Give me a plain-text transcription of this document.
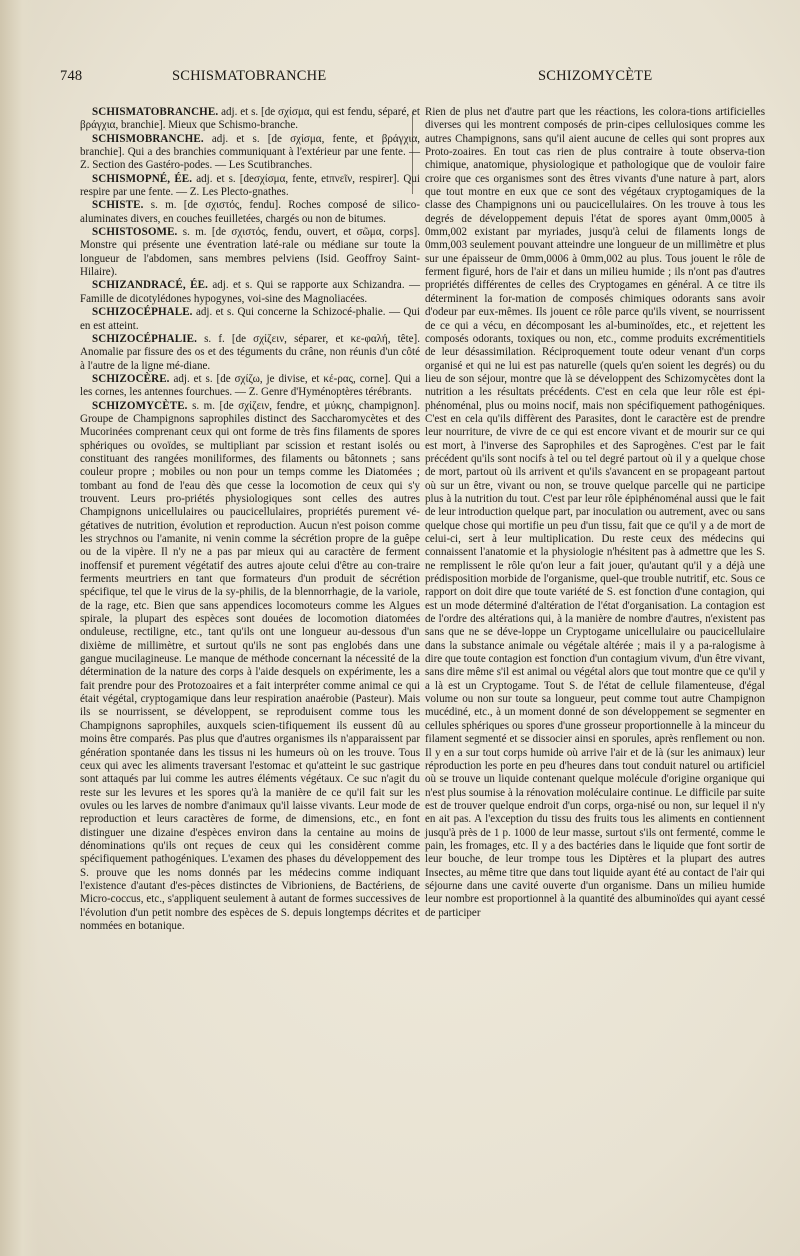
748	SCHISMATOBRANCHE	SCHIZOMYCÈTE

SCHISMATOBRANCHE. adj. et s. [de σχίσμα, qui est fendu, séparé, et βράγχια, branchie]. Mieux que Schismo-branche.

SCHISMOBRANCHE. adj. et s. [de σχίσμα, fente, et βράγχια, branchie]. Qui a des branchies communiquant à l'extérieur par une fente. — Z. Section des Gastéro-podes. — Les Scutibranches.

SCHISMOPNÉ, ÉE. adj. et s. [deσχίσμα, fente, etπνεῖν, respirer]. Qui respire par une fente. — Z. Les Plecto-gnathes.

SCHISTE. s. m. [de σχιστός, fendu]. Roches composé de silico-aluminates divers, en couches feuilletées, chargés ou non de bitumes.

SCHISTOSOME. s. m. [de σχιστός, fendu, ouvert, et σῶμα, corps]. Monstre qui présente une éventration laté-rale ou médiane sur toute la longueur de l'abdomen, sans membres pelviens (Isid. Geoffroy Saint-Hilaire).

SCHIZANDRACÉ, ÉE. adj. et s. Qui se rapporte aux Schizandra. — Famille de dicotylédones hypogynes, voi-sine des Magnoliacées.

SCHIZOCÉPHALE. adj. et s. Qui concerne la Schizocé-phalie. — Qui en est atteint.

SCHIZOCÉPHALIE. s. f. [de σχίζειν, séparer, et κε-φαλή, tête]. Anomalie par fissure des os et des téguments du crâne, non réunis d'un côté à l'autre de la ligne mé-diane.

SCHIZOCÈRE. adj. et s. [de σχίζω, je divise, et κέ-ρας, corne]. Qui a les cornes, les antennes fourchues. — Z. Genre d'Hyménoptères térébrants.

SCHIZOMYCÈTE. s. m. [de σχίζειν, fendre, et μύκης, champignon]. Groupe de Champignons saprophiles distinct des Saccharomycètes et des Mucorinées comprenant ceux qui ont forme de très fins filaments de spores sphériques ou ovoïdes, se multipliant par scission et restant isolés ou constituant des rangées moniliformes, des filaments ou bâtonnets ; sans couleur propre ; mobiles ou non pour un temps comme les Diatomées ; tombant au fond de l'eau dès que cesse la locomotion de ceux qui s'y trouvent. Leurs pro-priétés physiologiques sont celles des autres Champignons unicellulaires ou paucicellulaires, propriétés purement vé-gétatives de nutrition, évolution et reproduction. Aucun n'est poison comme les strychnos ou l'amanite, ni venin comme la sécrétion propre de la guêpe ou de la vipère. Il n'y ne a pas par mieux qui au caractère de ferment inoffensif et purement végétatif des autres ajoute celui d'être au con-traire ferments meurtriers en tant que formateurs d'un produit de sécrétion spécifique, tel que le virus de la sy-philis, de la blennorrhagie, de la variole, de la rage, etc. Bien que sans appendices locomoteurs comme les Algues spirale, la plupart des espèces sont douées de locomotion diatomées onduleuse, rectiligne, etc., tant qu'ils ont une longueur au-dessous d'un dixième de millimètre, et surtout qu'ils ne sont pas englobés dans une gangue mucilagineuse. Le manque de méthode concernant la nécessité de la détermination de la nature des corps à l'aide desquels on expérimente, les a fait prendre pour des Protozoaires et a fait interpréter comme animal ce qui était végétal, cryptogamique dans leur respiration anaérobie (Pasteur). Mais ils se nourrissent, se développent, se reproduisent comme tous les Champignons saprophiles, auxquels scien-tifiquement ils eussent dû au moins être comparés. Pas plus que d'autres organismes ils n'apparaissent par génération spontanée dans les tissus ni les humeurs où on les trouve. Tous ceux qui avec les aliments traversant l'estomac et qu'atteint le suc gastrique sont attaqués par lui comme les autres éléments végétaux. Ce suc n'agit du reste sur les levures et les spores qu'à la manière de ce qu'il fait sur les ovules ou les larves de nombre d'animaux qu'il laisse vivants. Leur mode de reproduction et leurs caractères de forme, de dimensions, etc., en font distinguer une dizaine d'espèces environ dans la centaine au moins de dénominations qu'ils ont reçues de ceux qui les considèrent comme spécifiquement pathogéniques. L'examen des phases du développement des S. prouve que les noms donnés par les médecins comme indiquant l'existence d'autant d'es-pèces distinctes de Vibrioniens, de Bactériens, de Micro-coccus, etc., s'appliquent seulement à autant de formes successives de l'évolution d'un petit nombre des espèces de S. depuis longtemps décrites et nommées en botanique.

Rien de plus net d'autre part que les réactions, les colora-tions artificielles diverses qui les montrent composés de prin-cipes cellulosiques comme les autres Champignons, sans qu'il aient aucune de celles qui sont propres aux Proto-zoaires. En tout cas rien de plus contraire à toute observa-tion chimique, anatomique, physiologique et pathologique que de vouloir faire croire que ces organismes sont des êtres vivants d'une nature à part, alors que tout montre en eux que ce sont des végétaux cryptogamiques de la classe des Champignons uni ou paucicellulaires. On les trouve à tous les degrés de développement depuis l'état de spores ayant 0mm,0005 à 0mm,002 existant par myriades, jusqu'à celui de filaments longs de 0mm,003 seulement pouvant atteindre une longueur de un millimètre et plus sur une épaisseur de 0mm,0006 à 0mm,002 au plus. Tous jouent le rôle de ferment figuré, hors de l'air et dans un milieu humide ; ils n'ont pas d'autres propriétés différentes de celles des Cryptogames en général. A ce titre ils déterminent la for-mation de composés chimiques odorants sans avoir d'odeur par eux-mêmes. Ils jouent ce rôle parce qu'ils vivent, se nourrissent de ce qui a vécu, en décomposant les al-buminoïdes, etc., et rejettent les composés odorants, toxiques ou non, etc., comme produits excrémentitiels de leur désassimilation. Réciproquement toute odeur venant d'un corps organisé et qui ne lui est pas naturelle (quels qu'en soient les degrés) ou du lieu de son séjour, montre que là se développent des Schizomycètes dont la nutrition a les résultats précédents. C'est en cela que leur rôle est épi-phénoménal, plus ou moins nocif, mais non spécifiquement pathogéniques. C'est en cela qu'ils diffèrent des Parasites, dont le caractère est de prendre leur nourriture, de vivre de ce qui est encore vivant et de mourir sur ce qui est mort, à l'inverse des Saprophiles et des Saprogènes. C'est par le fait précédent qu'ils sont nocifs à tel ou tel degré partout où il y a quelque chose de mort, partout où ils arrivent et qu'ils s'avancent en se propageant partout où sur un être, vivant ou non, se trouve quelque parcelle qui ne participe plus à la nutrition du tout. C'est par leur rôle épiphénoménal aussi que le fait de leur introduction quelque part, par inoculation ou autrement, avec ou sans quelque chose qui mortifie un peu d'un tissu, fait que ce qu'il y a de mort de celui-ci, sert à leur multiplication. Du reste ceux des médecins qui connaissent l'anatomie et la physiologie n'hésitent pas à admettre que les S. ne remplissent le rôle qu'on leur a fait jouer, qu'autant qu'il y a déjà une prédisposition morbide de l'organisme, quel-que trouble nutritif, etc. Sous ce rapport on doit dire que toute variété de S. est fonction d'une contagion, qui est un mode déterminé d'altération de l'état d'organisation. La contagion est de l'ordre des altérations qui, à la manière de nombre d'autres, n'existent pas sans que ne se déve-loppe un Cryptogame unicellulaire ou paucicellulaire dans la substance animale ou végétale altérée ; mais il y a pa-ralogisme à dire que toute contagion est fonction d'un contagium vivum, d'un être vivant, sans dire même s'il est animal ou végétal alors que tout montre que ce qu'il y a là est un Cryptogame. Tout S. de l'état de cellule filamenteuse, d'égal volume ou non sur toute sa longueur, peut comme tout autre Champignon mucédiné, etc., à un moment donné de son développement se segmenter en cellules sphériques ou spores d'une grosseur proportionnelle à la minceur du filament segmenté et se dissocier ainsi en sporules, après renflement ou non. Il y en a sur tout corps humide où arrive l'air et de là (sur les animaux) leur réproduction les porte en peu d'heures dans tout conduit naturel ou artificiel où se trouve un liquide contenant quelque molécule d'origine organique qui n'est plus soumise à la rénovation moléculaire continue. Le difficile par suite est de trouver quelque endroit d'un corps, orga-nisé ou non, sur lequel il n'y en ait pas. A l'exception du tissu des fruits tous les aliments en contiennent jusqu'à près de 1 p. 1000 de leur masse, surtout s'ils ont fermenté, comme le pain, les fromages, etc. Il y a des bactéries dans le liquide que font sortir de leur bouche, de leur trompe tous les Diptères et la plupart des autres Insectes, au même titre que dans tout liquide ayant été au contact de l'air qui séjourne dans une cavité ouverte d'un organisme. Dans un milieu humide leur nombre est proportionnel à la quantité des albuminoïdes qui ayant cessé de participer
